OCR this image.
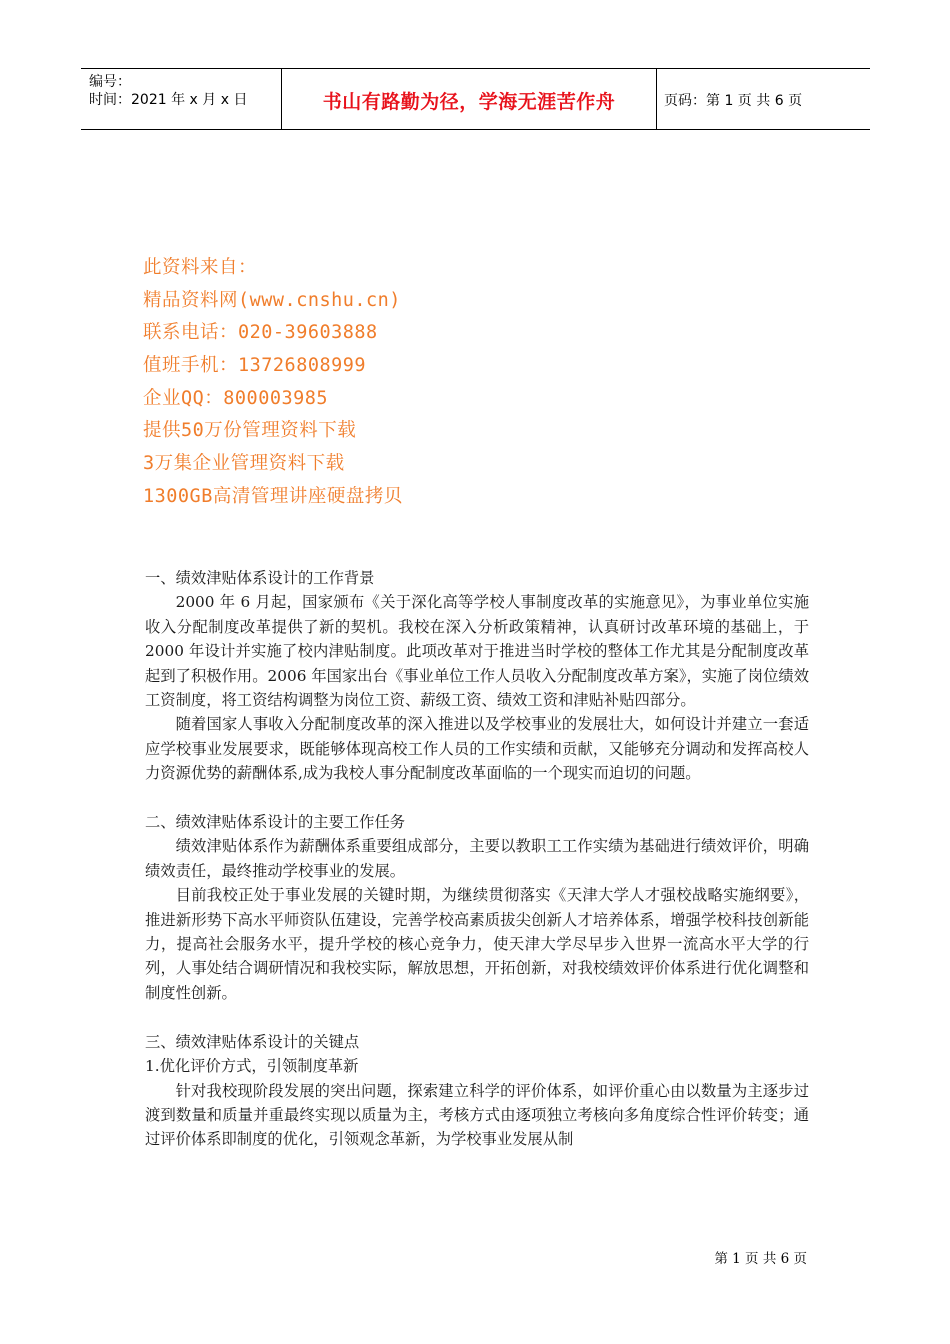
编号：
时间：2021 年 x 月 x 日	书山有路勤为径，学海无涯苦作舟	页码：第 1 页 共 6 页
此资料来自：
精品资料网(www.cnshu.cn)
联系电话：020-39603888
值班手机：13726808999
企业QQ：800003985
提供50万份管理资料下载
3万集企业管理资料下载
1300GB高清管理讲座硬盘拷贝

一、绩效津贴体系设计的工作背景

2000 年 6 月起，国家颁布《关于深化高等学校人事制度改革的实施意见》，为事业单位实施收入分配制度改革提供了新的契机。我校在深入分析政策精神，认真研讨改革环境的基础上，于 2000 年设计并实施了校内津贴制度。此项改革对于推进当时学校的整体工作尤其是分配制度改革起到了积极作用。2006 年国家出台《事业单位工作人员收入分配制度改革方案》，实施了岗位绩效工资制度，将工资结构调整为岗位工资、薪级工资、绩效工资和津贴补贴四部分。

随着国家人事收入分配制度改革的深入推进以及学校事业的发展壮大，如何设计并建立一套适应学校事业发展要求，既能够体现高校工作人员的工作实绩和贡献，又能够充分调动和发挥高校人力资源优势的薪酬体系,成为我校人事分配制度改革面临的一个现实而迫切的问题。

二、绩效津贴体系设计的主要工作任务

绩效津贴体系作为薪酬体系重要组成部分，主要以教职工工作实绩为基础进行绩效评价，明确绩效责任，最终推动学校事业的发展。

目前我校正处于事业发展的关键时期，为继续贯彻落实《天津大学人才强校战略实施纲要》，推进新形势下高水平师资队伍建设，完善学校高素质拔尖创新人才培养体系，增强学校科技创新能力，提高社会服务水平，提升学校的核心竞争力，使天津大学尽早步入世界一流高水平大学的行列，人事处结合调研情况和我校实际，解放思想，开拓创新，对我校绩效评价体系进行优化调整和制度性创新。

三、绩效津贴体系设计的关键点

1.优化评价方式，引领制度革新

针对我校现阶段发展的突出问题，探索建立科学的评价体系，如评价重心由以数量为主逐步过渡到数量和质量并重最终实现以质量为主，考核方式由逐项独立考核向多角度综合性评价转变；通过评价体系即制度的优化，引领观念革新，为学校事业发展从制

第 1 页 共 6 页
